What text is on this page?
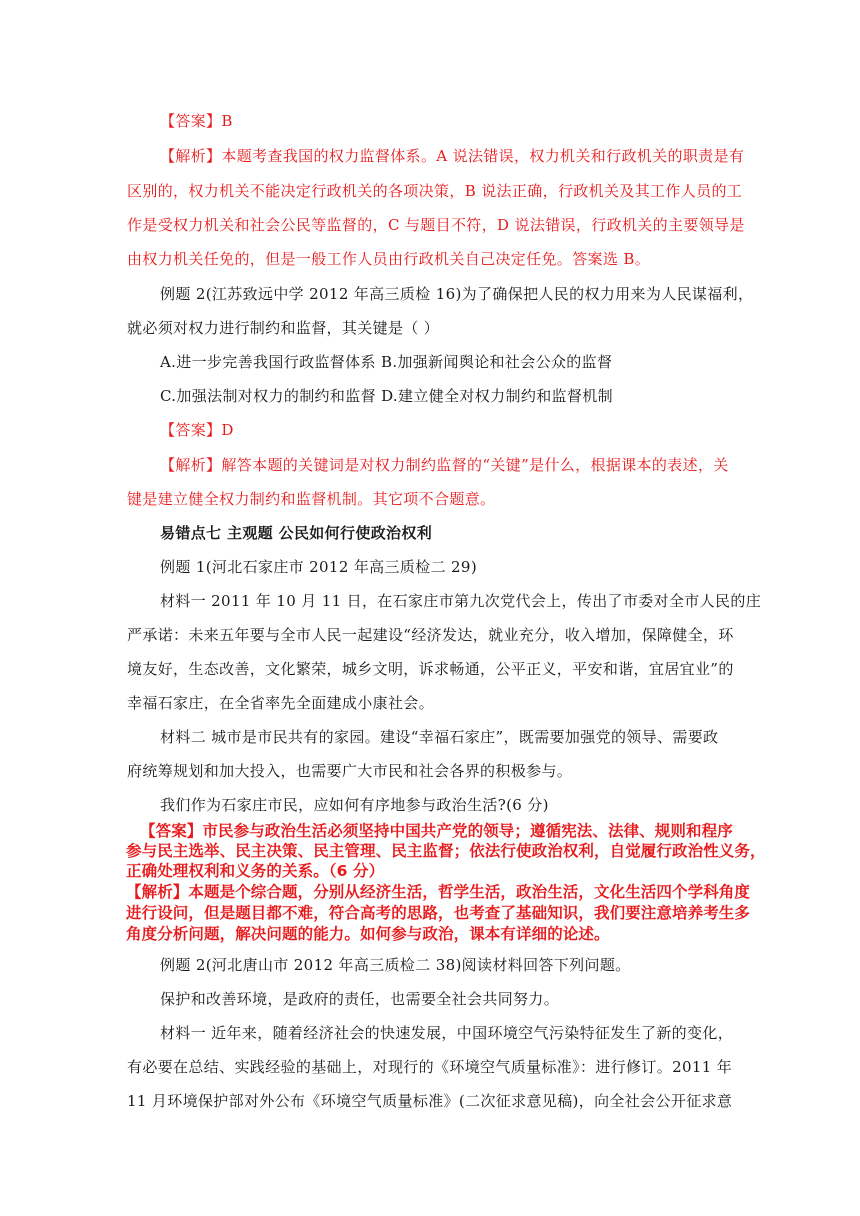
【答案】B
【解析】本题考查我国的权力监督体系。A 说法错误，权力机关和行政机关的职责是有
区别的，权力机关不能决定行政机关的各项决策，B 说法正确，行政机关及其工作人员的工
作是受权力机关和社会公民等监督的，C 与题目不符，D 说法错误，行政机关的主要领导是
由权力机关任免的，但是一般工作人员由行政机关自己决定任免。答案选 B。
例题 2(江苏致远中学 2012 年高三质检 16)为了确保把人民的权力用来为人民谋福利，
就必须对权力进行制约和监督，其关键是（ ）
A.进一步完善我国行政监督体系 B.加强新闻舆论和社会公众的监督
C.加强法制对权力的制约和监督 D.建立健全对权力制约和监督机制
【答案】D
【解析】解答本题的关键词是对权力制约监督的“关键”是什么，根据课本的表述，关
键是建立健全权力制约和监督机制。其它项不合题意。
易错点七 主观题 公民如何行使政治权利
例题 1(河北石家庄市 2012 年高三质检二 29)
材料一 2011 年 10 月 11 日，在石家庄市第九次党代会上，传出了市委对全市人民的庄
严承诺：未来五年要与全市人民一起建设“经济发达，就业充分，收入增加，保障健全，环
境友好，生态改善，文化繁荣，城乡文明，诉求畅通，公平正义，平安和谐，宜居宜业”的
幸福石家庄，在全省率先全面建成小康社会。
材料二 城市是市民共有的家园。建设“幸福石家庄”，既需要加强党的领导、需要政
府统筹规划和加大投入，也需要广大市民和社会各界的积极参与。
我们作为石家庄市民，应如何有序地参与政治生活?(6 分)
【答案】市民参与政治生活必须坚持中国共产党的领导；遵循宪法、法律、规则和程序
参与民主选举、民主决策、民主管理、民主监督；依法行使政治权利，自觉履行政治性义务，
正确处理权利和义务的关系。（6 分）
【解析】本题是个综合题，分别从经济生活，哲学生活，政治生活，文化生活四个学科角度
进行设问，但是题目都不难，符合高考的思路，也考查了基础知识，我们要注意培养考生多
角度分析问题，解决问题的能力。如何参与政治，课本有详细的论述。
例题 2(河北唐山市 2012 年高三质检二 38)阅读材料回答下列问题。
保护和改善环境，是政府的责任，也需要全社会共同努力。
材料一 近年来，随着经济社会的快速发展，中国环境空气污染特征发生了新的变化，
有必要在总结、实践经验的基础上，对现行的《环境空气质量标准》：进行修订。2011 年
11 月环境保护部对外公布《环境空气质量标准》(二次征求意见稿)，向全社会公开征求意
